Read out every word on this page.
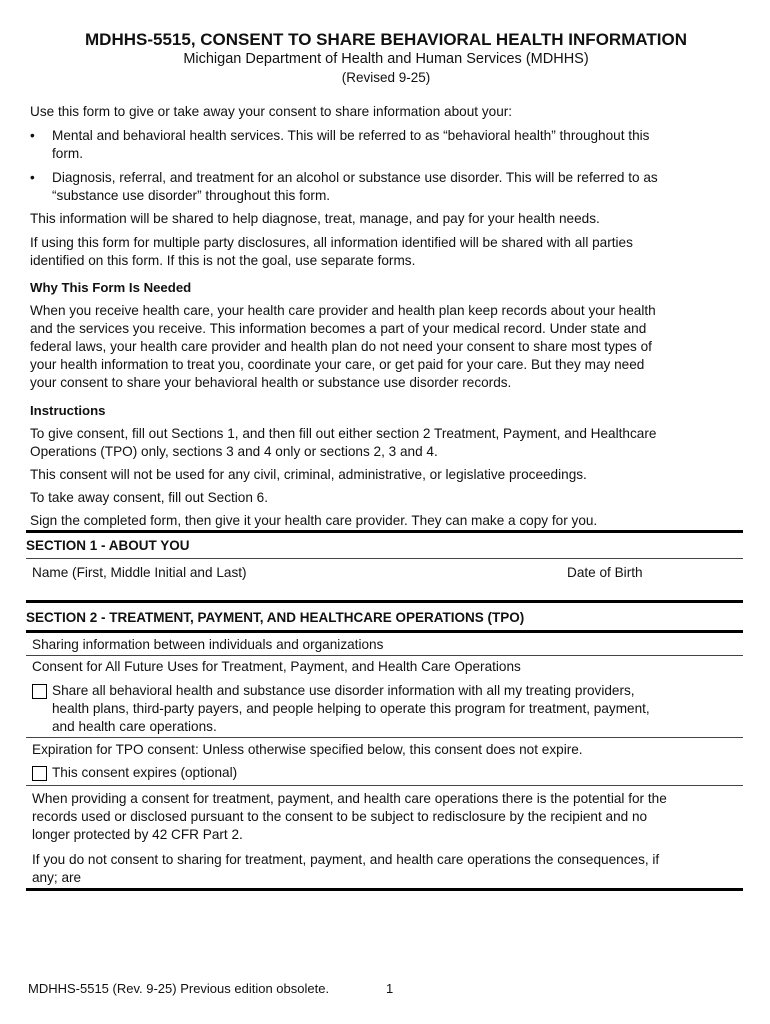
MDHHS-5515, CONSENT TO SHARE BEHAVIORAL HEALTH INFORMATION
Michigan Department of Health and Human Services (MDHHS)
(Revised 9-25)
Use this form to give or take away your consent to share information about your:
• Mental and behavioral health services. This will be referred to as “behavioral health” throughout this
form.
• Diagnosis, referral, and treatment for an alcohol or substance use disorder. This will be referred to as
“substance use disorder” throughout this form.
This information will be shared to help diagnose, treat, manage, and pay for your health needs.
If using this form for multiple party disclosures, all information identified will be shared with all parties
identified on this form. If this is not the goal, use separate forms.
Why This Form Is Needed
When you receive health care, your health care provider and health plan keep records about your health
and the services you receive. This information becomes a part of your medical record. Under state and
federal laws, your health care provider and health plan do not need your consent to share most types of
your health information to treat you, coordinate your care, or get paid for your care. But they may need
your consent to share your behavioral health or substance use disorder records.
Instructions
To give consent, fill out Sections 1, and then fill out either section 2 Treatment, Payment, and Healthcare
Operations (TPO) only, sections 3 and 4 only or sections 2, 3 and 4.
This consent will not be used for any civil, criminal, administrative, or legislative proceedings.
To take away consent, fill out Section 6.
Sign the completed form, then give it your health care provider. They can make a copy for you.
SECTION 1 - ABOUT YOU
Name (First, Middle Initial and Last)	Date of Birth
SECTION 2 - TREATMENT, PAYMENT, AND HEALTHCARE OPERATIONS (TPO)
Sharing information between individuals and organizations
Consent for All Future Uses for Treatment, Payment, and Health Care Operations
Share all behavioral health and substance use disorder information with all my treating providers,
health plans, third-party payers, and people helping to operate this program for treatment, payment,
and health care operations.
Expiration for TPO consent: Unless otherwise specified below, this consent does not expire.
This consent expires (optional)
When providing a consent for treatment, payment, and health care operations there is the potential for the
records used or disclosed pursuant to the consent to be subject to redisclosure by the recipient and no
longer protected by 42 CFR Part 2.
If you do not consent to sharing for treatment, payment, and health care operations the consequences, if
any; are
MDHHS-5515 (Rev. 9-25) Previous edition obsolete.	1
